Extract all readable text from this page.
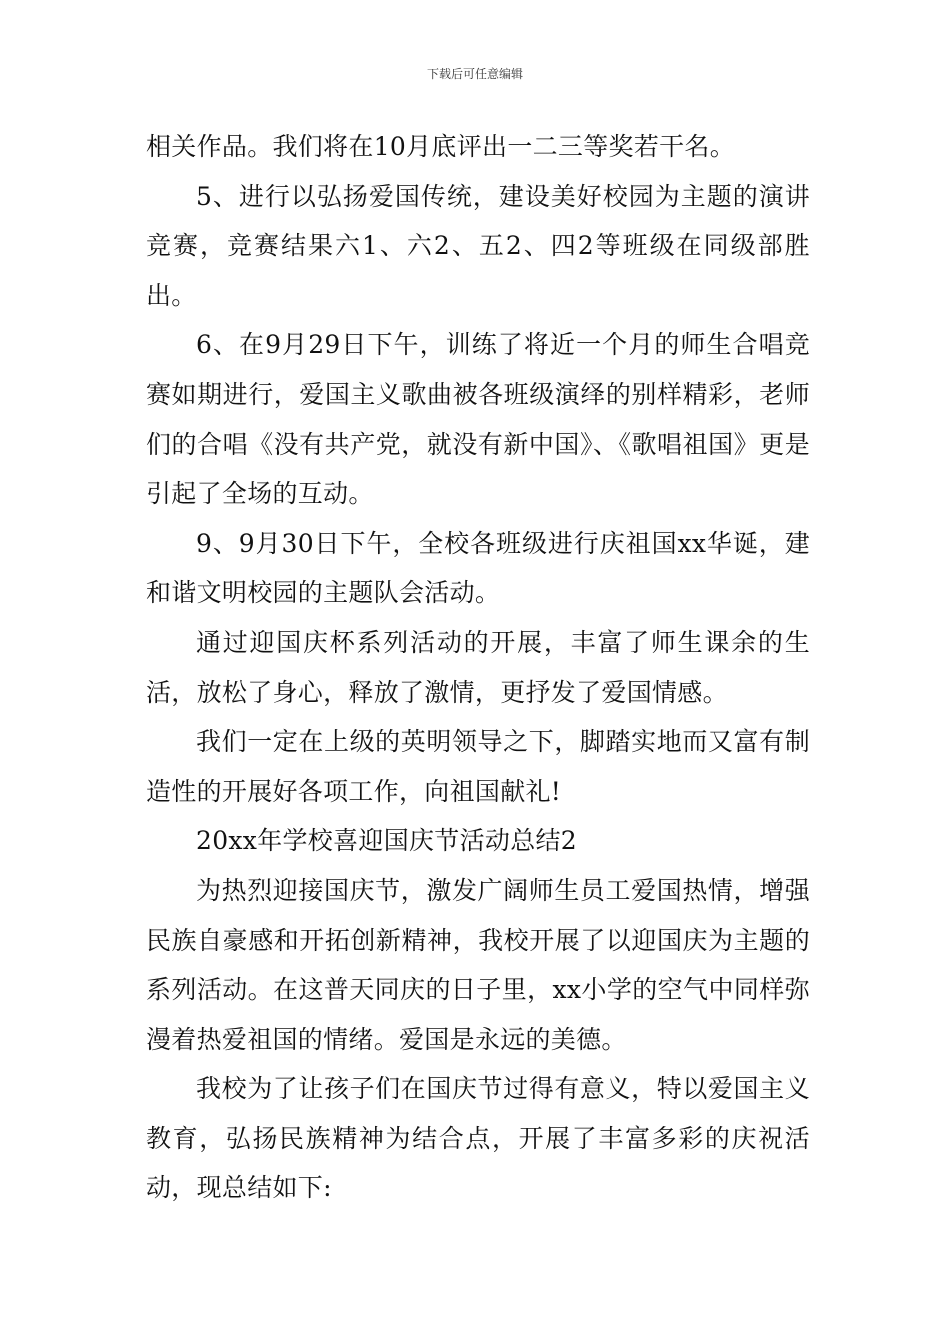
下载后可任意编辑

相关作品。我们将在10月底评出一二三等奖若干名。

5、进行以弘扬爱国传统，建设美好校园为主题的演讲竞赛，竞赛结果六1、六2、五2、四2等班级在同级部胜出。

6、在9月29日下午，训练了将近一个月的师生合唱竞赛如期进行，爱国主义歌曲被各班级演绎的别样精彩，老师们的合唱《没有共产党，就没有新中国》、《歌唱祖国》更是引起了全场的互动。

9、9月30日下午，全校各班级进行庆祖国xx华诞，建和谐文明校园的主题队会活动。

通过迎国庆杯系列活动的开展，丰富了师生课余的生活，放松了身心，释放了激情，更抒发了爱国情感。

我们一定在上级的英明领导之下，脚踏实地而又富有制造性的开展好各项工作，向祖国献礼!

20xx年学校喜迎国庆节活动总结2

为热烈迎接国庆节，激发广阔师生员工爱国热情，增强民族自豪感和开拓创新精神，我校开展了以迎国庆为主题的系列活动。在这普天同庆的日子里，xx小学的空气中同样弥漫着热爱祖国的情绪。爱国是永远的美德。

我校为了让孩子们在国庆节过得有意义，特以爱国主义教育，弘扬民族精神为结合点，开展了丰富多彩的庆祝活动，现总结如下:
